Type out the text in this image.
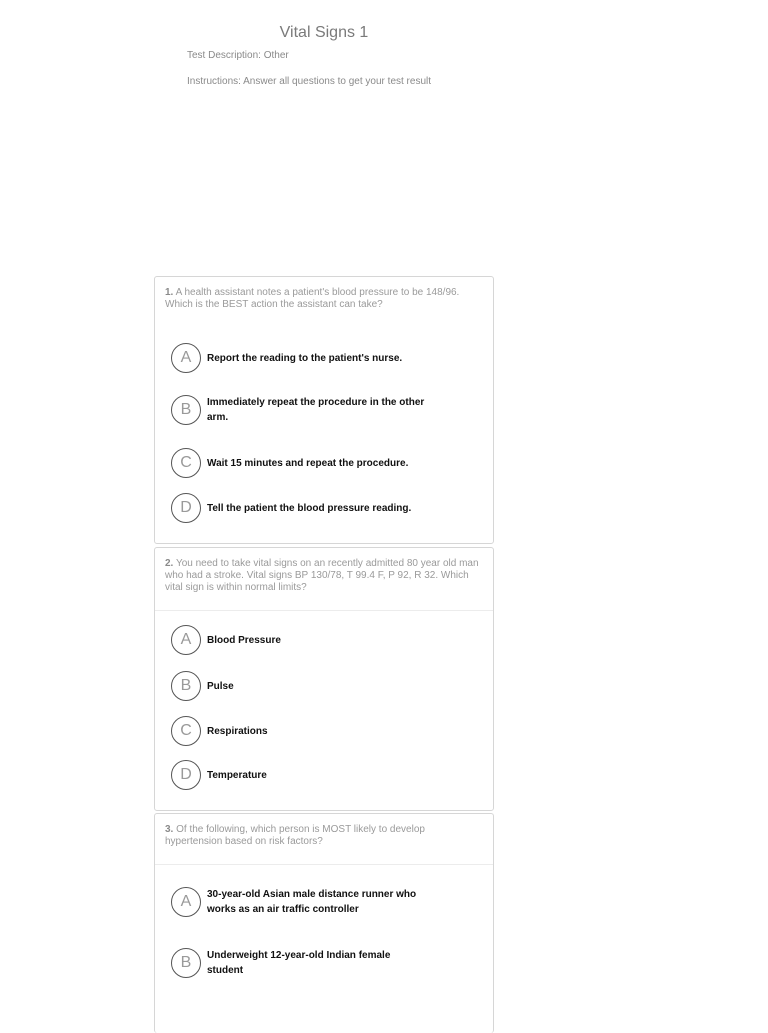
Vital Signs 1

Test Description: Other

Instructions: Answer all questions to get your test result

1. A health assistant notes a patient's blood pressure to be 148/96. Which is the BEST action the assistant can take?
A	Report the reading to the patient's nurse.
B	Immediately repeat the procedure in the other arm.
C	Wait 15 minutes and repeat the procedure.
D	Tell the patient the blood pressure reading.
2. You need to take vital signs on an recently admitted 80 year old man who had a stroke. Vital signs BP 130/78, T 99.4 F, P 92, R 32. Which vital sign is within normal limits?
A	Blood Pressure
B	Pulse
C	Respirations
D	Temperature
3. Of the following, which person is MOST likely to develop hypertension based on risk factors?
A	30-year-old Asian male distance runner who works as an air traffic controller
B	Underweight 12-year-old Indian female student
